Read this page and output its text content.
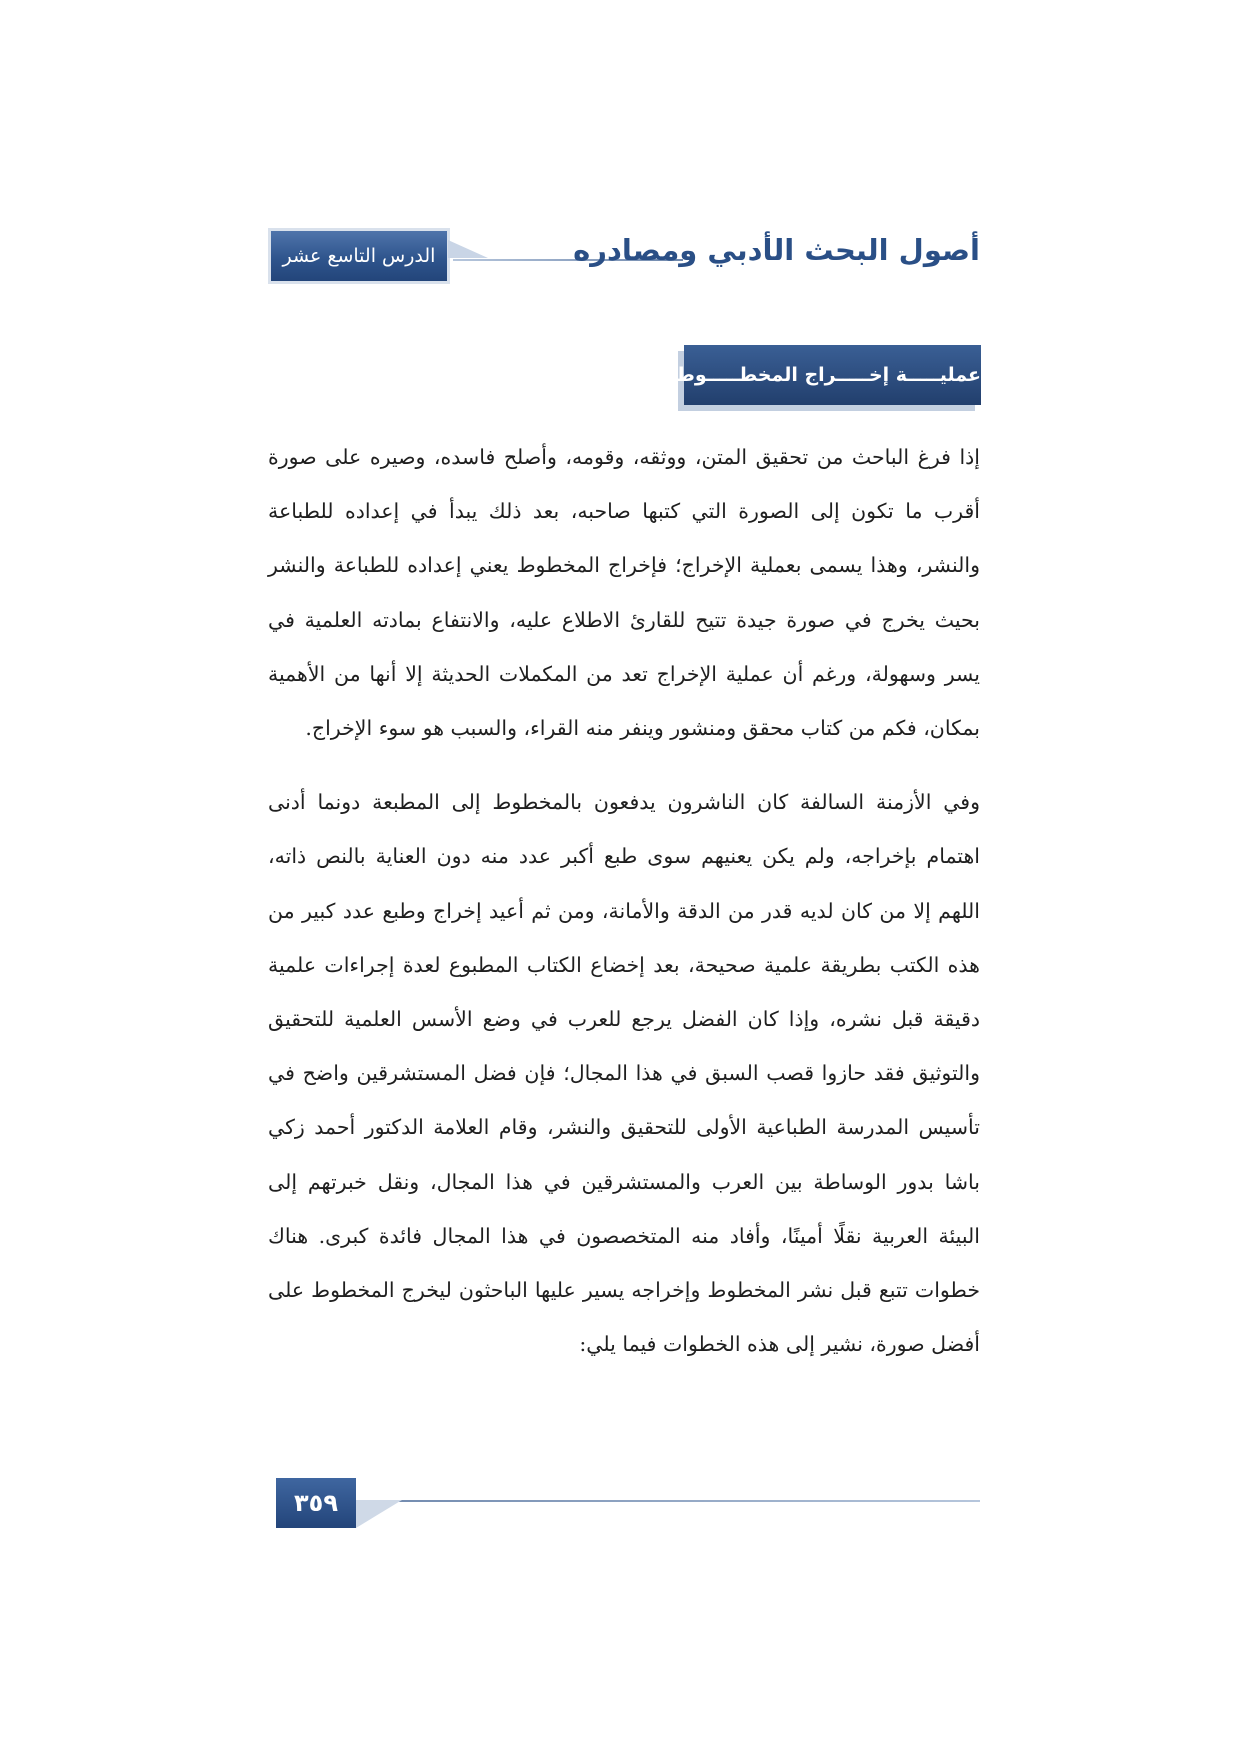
الدرس التاسع عشر	أصول البحث الأدبي ومصادره
عمليـــــة إخـــــراج المخطـــــوط

إذا فرغ الباحث من تحقيق المتن، ووثقه، وقومه، وأصلح فاسده، وصيره على صورة أقرب ما تكون إلى الصورة التي كتبها صاحبه، بعد ذلك يبدأ في إعداده للطباعة والنشر، وهذا يسمى بعملية الإخراج؛ فإخراج المخطوط يعني إعداده للطباعة والنشر بحيث يخرج في صورة جيدة تتيح للقارئ الاطلاع عليه، والانتفاع بمادته العلمية في يسر وسهولة، ورغم أن عملية الإخراج تعد من المكملات الحديثة إلا أنها من الأهمية بمكان، فكم من كتاب محقق ومنشور وينفر منه القراء، والسبب هو سوء الإخراج.

وفي الأزمنة السالفة كان الناشرون يدفعون بالمخطوط إلى المطبعة دونما أدنى اهتمام بإخراجه، ولم يكن يعنيهم سوى طبع أكبر عدد منه دون العناية بالنص ذاته، اللهم إلا من كان لديه قدر من الدقة والأمانة، ومن ثم أعيد إخراج وطبع عدد كبير من هذه الكتب بطريقة علمية صحيحة، بعد إخضاع الكتاب المطبوع لعدة إجراءات علمية دقيقة قبل نشره، وإذا كان الفضل يرجع للعرب في وضع الأسس العلمية للتحقيق والتوثيق فقد حازوا قصب السبق في هذا المجال؛ فإن فضل المستشرقين واضح في تأسيس المدرسة الطباعية الأولى للتحقيق والنشر، وقام العلامة الدكتور أحمد زكي باشا بدور الوساطة بين العرب والمستشرقين في هذا المجال، ونقل خبرتهم إلى البيئة العربية نقلًا أمينًا، وأفاد منه المتخصصون في هذا المجال فائدة كبرى. هناك خطوات تتبع قبل نشر المخطوط وإخراجه يسير عليها الباحثون ليخرج المخطوط على أفضل صورة، نشير إلى هذه الخطوات فيما يلي:

٣٥٩
